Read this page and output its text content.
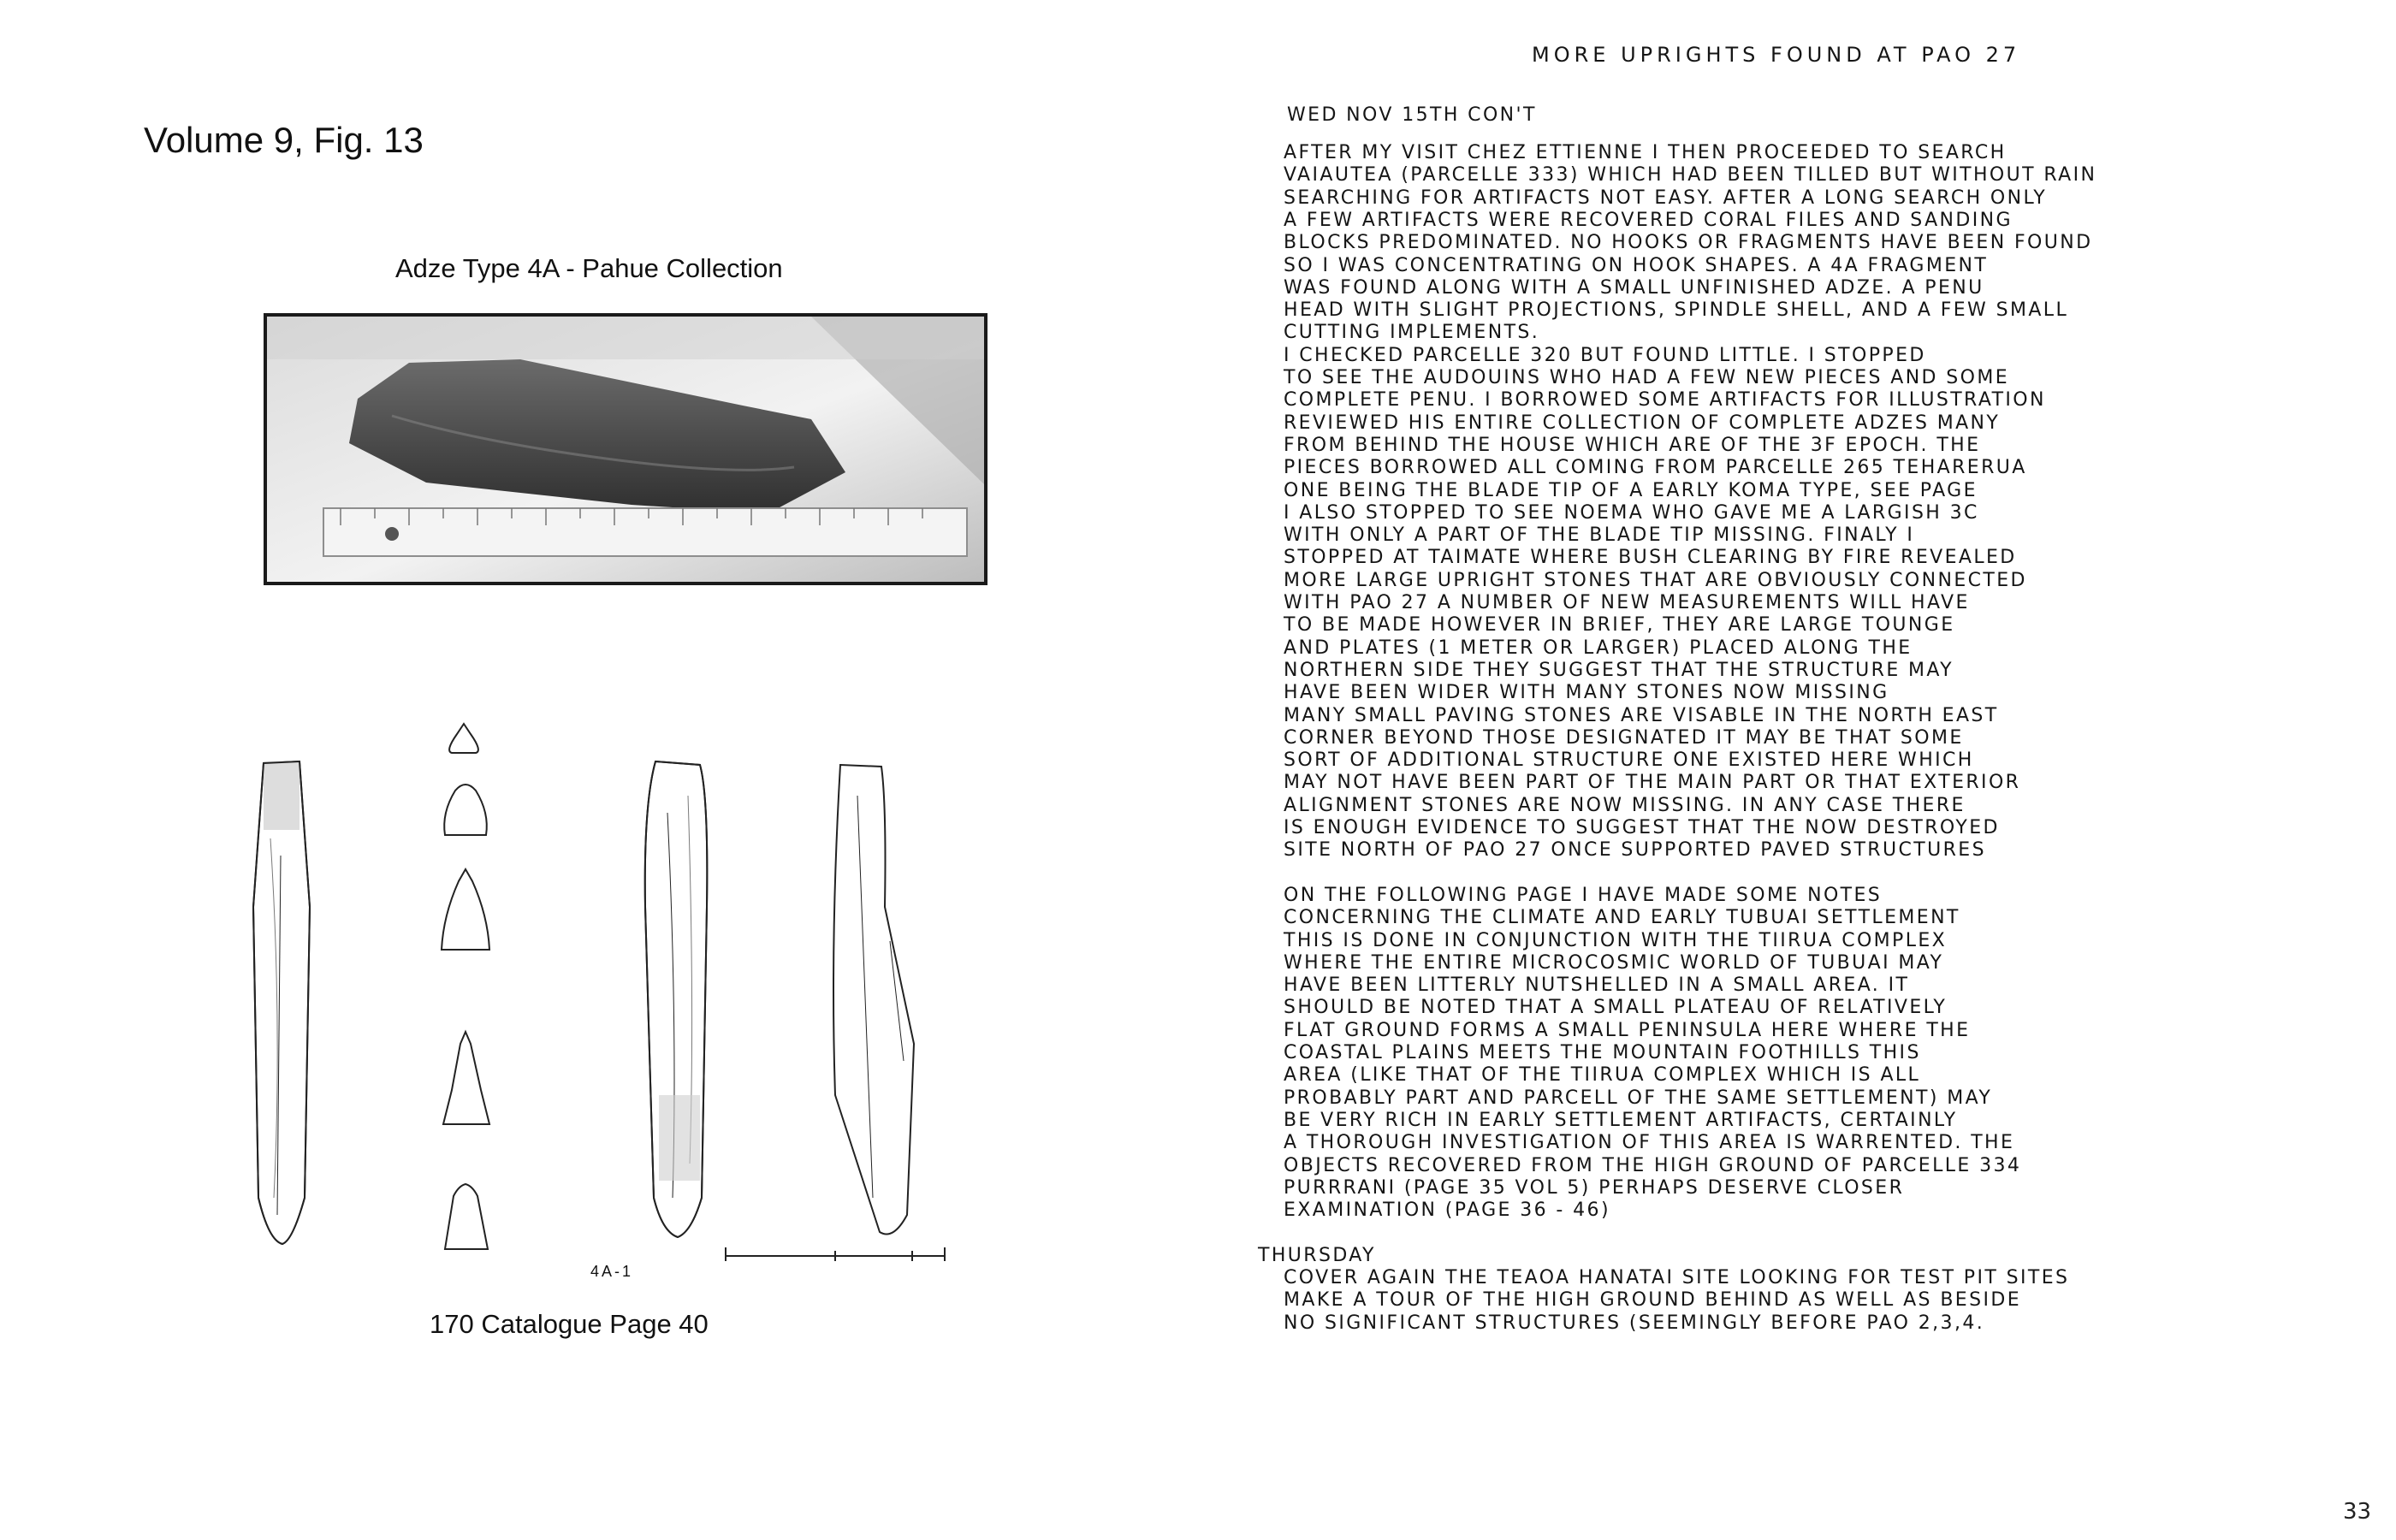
Volume 9, Fig. 13
Adze Type 4A - Pahue Collection
4A-1
170 Catalogue Page 40
MORE UPRIGHTS FOUND AT PAO 27
WED NOV 15TH CON'T
AFTER MY VISIT CHEZ ETTIENNE I THEN PROCEEDED TO SEARCH
VAIAUTEA (PARCELLE 333) WHICH HAD BEEN TILLED BUT WITHOUT RAIN
SEARCHING FOR ARTIFACTS NOT EASY. AFTER A LONG SEARCH ONLY
A FEW ARTIFACTS WERE RECOVERED CORAL FILES AND SANDING
BLOCKS PREDOMINATED. NO HOOKS OR FRAGMENTS HAVE BEEN FOUND
SO I WAS CONCENTRATING ON HOOK SHAPES. A 4A FRAGMENT
WAS FOUND ALONG WITH A SMALL UNFINISHED ADZE. A PENU
HEAD WITH SLIGHT PROJECTIONS, SPINDLE SHELL, AND A FEW SMALL
CUTTING IMPLEMENTS.
I CHECKED PARCELLE 320 BUT FOUND LITTLE. I STOPPED
TO SEE THE AUDOUINS WHO HAD A FEW NEW PIECES AND SOME
COMPLETE PENU. I BORROWED SOME ARTIFACTS FOR ILLUSTRATION
REVIEWED HIS ENTIRE COLLECTION OF COMPLETE ADZES MANY
FROM BEHIND THE HOUSE WHICH ARE OF THE 3F EPOCH. THE
PIECES BORROWED ALL COMING FROM PARCELLE 265 TEHARERUA
ONE BEING THE BLADE TIP OF A EARLY KOMA TYPE, SEE PAGE
I ALSO STOPPED TO SEE NOEMA WHO GAVE ME A LARGISH 3C
WITH ONLY A PART OF THE BLADE TIP MISSING. FINALY I
STOPPED AT TAIMATE WHERE BUSH CLEARING BY FIRE REVEALED
MORE LARGE UPRIGHT STONES THAT ARE OBVIOUSLY CONNECTED
WITH PAO 27 A NUMBER OF NEW MEASUREMENTS WILL HAVE
TO BE MADE HOWEVER IN BRIEF, THEY ARE LARGE TOUNGE
AND PLATES (1 METER OR LARGER) PLACED ALONG THE
NORTHERN SIDE THEY SUGGEST THAT THE STRUCTURE MAY
HAVE BEEN WIDER WITH MANY STONES NOW MISSING
MANY SMALL PAVING STONES ARE VISABLE IN THE NORTH EAST
CORNER BEYOND THOSE DESIGNATED IT MAY BE THAT SOME
SORT OF ADDITIONAL STRUCTURE ONE EXISTED HERE WHICH
MAY NOT HAVE BEEN PART OF THE MAIN PART OR THAT EXTERIOR
ALIGNMENT STONES ARE NOW MISSING. IN ANY CASE THERE
IS ENOUGH EVIDENCE TO SUGGEST THAT THE NOW DESTROYED
SITE NORTH OF PAO 27 ONCE SUPPORTED PAVED STRUCTURES
ON THE FOLLOWING PAGE I HAVE MADE SOME NOTES
CONCERNING THE CLIMATE AND EARLY TUBUAI SETTLEMENT
THIS IS DONE IN CONJUNCTION WITH THE TIIRUA COMPLEX
WHERE THE ENTIRE MICROCOSMIC WORLD OF TUBUAI MAY
HAVE BEEN LITTERLY NUTSHELLED IN A SMALL AREA. IT
SHOULD BE NOTED THAT A SMALL PLATEAU OF RELATIVELY
FLAT GROUND FORMS A SMALL PENINSULA HERE WHERE THE
COASTAL PLAINS MEETS THE MOUNTAIN FOOTHILLS THIS
AREA (LIKE THAT OF THE TIIRUA COMPLEX WHICH IS ALL
PROBABLY PART AND PARCELL OF THE SAME SETTLEMENT) MAY
BE VERY RICH IN EARLY SETTLEMENT ARTIFACTS, CERTAINLY
A THOROUGH INVESTIGATION OF THIS AREA IS WARRENTED. THE
OBJECTS RECOVERED FROM THE HIGH GROUND OF PARCELLE 334
PURRRANI (PAGE 35 VOL 5) PERHAPS DESERVE CLOSER
EXAMINATION (PAGE 36 - 46)
THURSDAY
COVER AGAIN THE TEAOA HANATAI SITE LOOKING FOR TEST PIT SITES
MAKE A TOUR OF THE HIGH GROUND BEHIND AS WELL AS BESIDE
NO SIGNIFICANT STRUCTURES (SEEMINGLY BEFORE PAO 2,3,4.
33
